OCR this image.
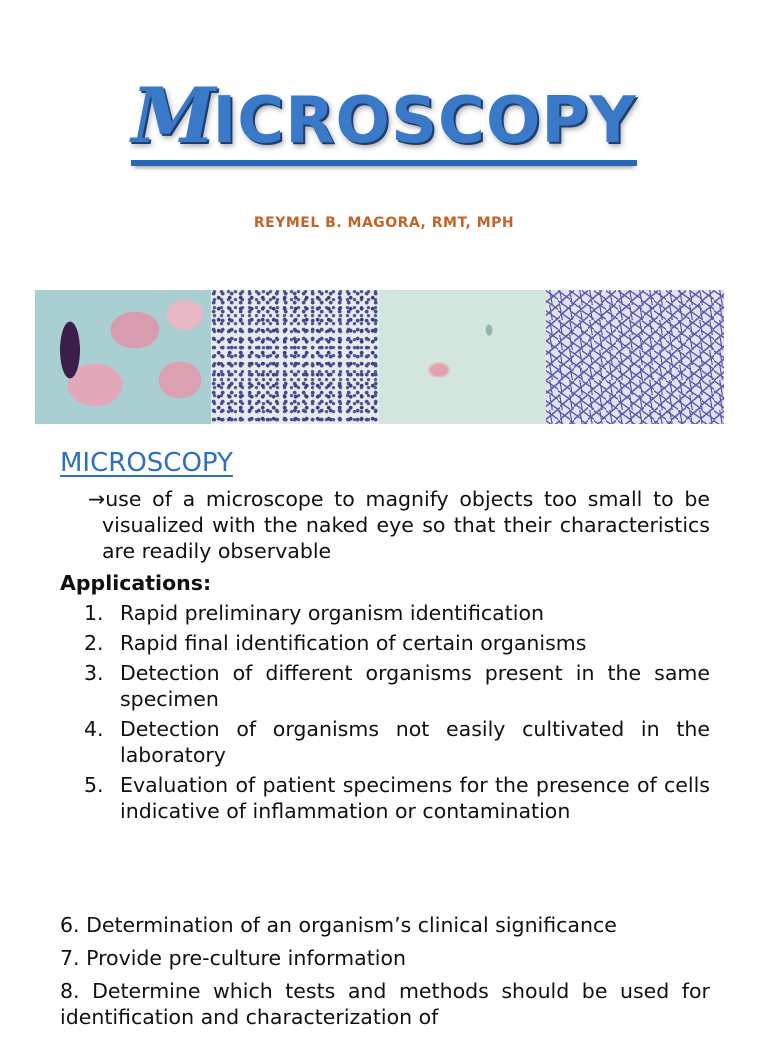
MICROSCOPY
REYMEL B. MAGORA, RMT, MPH
MICROSCOPY
→use of a microscope to magnify objects too small to be visualized with the naked eye so that their characteristics are readily observable
Applications:
1. Rapid preliminary organism identification
2. Rapid final identification of certain organisms
3. Detection of different organisms present in the same specimen
4. Detection of organisms not easily cultivated in the laboratory
5. Evaluation of patient specimens for the presence of cells indicative of inflammation or contamination
6. Determination of an organism’s clinical significance
7. Provide pre-culture information
8. Determine which tests and methods should be used for identification and characterization of
